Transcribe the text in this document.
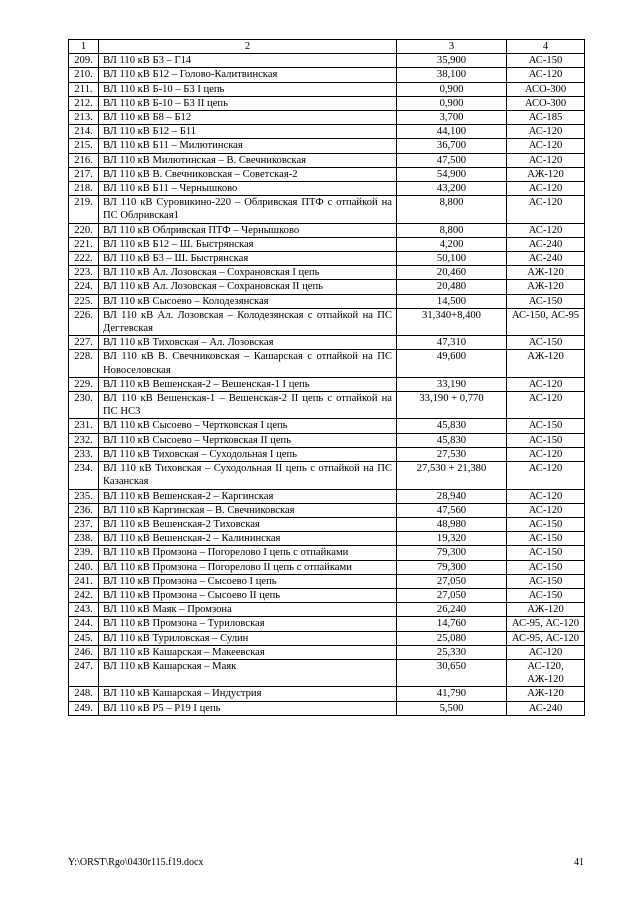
1	2	3	4
209.	ВЛ 110 кВ Б3 – Г14	35,900	АС-150
210.	ВЛ 110 кВ Б12 – Голово-Калитвинская	38,100	АС-120
211.	ВЛ 110 кВ Б-10 – Б3 I цепь	0,900	АСО-300
212.	ВЛ 110 кВ Б-10 – Б3 II цепь	0,900	АСО-300
213.	ВЛ 110 кВ Б8 – Б12	3,700	АС-185
214.	ВЛ 110 кВ Б12 – Б11	44,100	АС-120
215.	ВЛ 110 кВ Б11 – Милютинская	36,700	АС-120
216.	ВЛ 110 кВ Милютинская – В. Свечниковская	47,500	АС-120
217.	ВЛ 110 кВ В. Свечниковская – Советская-2	54,900	АЖ-120
218.	ВЛ 110 кВ Б11 – Чернышково	43,200	АС-120
219.	ВЛ 110 кВ Суровикино-220 – Облривская ПТФ с отпайкой на ПС Облривская1	8,800	АС-120
220.	ВЛ 110 кВ Облривская ПТФ – Чернышково	8,800	АС-120
221.	ВЛ 110 кВ Б12 – Ш. Быстрянская	4,200	АС-240
222.	ВЛ 110 кВ Б3 – Ш. Быстрянская	50,100	АС-240
223.	ВЛ 110 кВ Ал. Лозовская – Сохрановская I цепь	20,460	АЖ-120
224.	ВЛ 110 кВ Ал. Лозовская – Сохрановская II цепь	20,480	АЖ-120
225.	ВЛ 110 кВ Сысоево – Колодезянская	14,500	АС-150
226.	ВЛ 110 кВ Ал. Лозовская – Колодезянская с отпайкой на ПС Дегтевская	31,340+8,400	АС-150, АС-95
227.	ВЛ 110 кВ Тиховская – Ал. Лозовская	47,310	АС-150
228.	ВЛ 110 кВ В. Свечниковская – Кашарская с отпайкой на ПС Новоселовская	49,600	АЖ-120
229.	ВЛ 110 кВ Вешенская-2 – Вешенская-1 I цепь	33,190	АС-120
230.	ВЛ 110 кВ Вешенская-1 – Вешенская-2 II цепь с отпайкой на ПС НС3	33,190 + 0,770	АС-120
231.	ВЛ 110 кВ Сысоево – Чертковская I цепь	45,830	АС-150
232.	ВЛ 110 кВ Сысоево – Чертковская II цепь	45,830	АС-150
233.	ВЛ 110 кВ Тиховская – Суходольная I цепь	27,530	АС-120
234.	ВЛ 110 кВ Тиховская – Суходольная II цепь с отпайкой на ПС Казанская	27,530 + 21,380	АС-120
235.	ВЛ 110 кВ Вешенская-2 – Каргинская	28,940	АС-120
236.	ВЛ 110 кВ Каргинская – В. Свечниковская	47,560	АС-120
237.	ВЛ 110 кВ Вешенская-2 Тиховская	48,980	АС-150
238.	ВЛ 110 кВ Вешенская-2 – Калининская	19,320	АС-150
239.	ВЛ 110 кВ Промзона – Погорелово I цепь с отпайками	79,300	АС-150
240.	ВЛ 110 кВ Промзона – Погорелово II цепь с отпайками	79,300	АС-150
241.	ВЛ 110 кВ Промзона – Сысоево I цепь	27,050	АС-150
242.	ВЛ 110 кВ Промзона – Сысоево II цепь	27,050	АС-150
243.	ВЛ 110 кВ Маяк – Промзона	26,240	АЖ-120
244.	ВЛ 110 кВ Промзона – Туриловская	14,760	АС-95, АС-120
245.	ВЛ 110 кВ Туриловская – Сулин	25,080	АС-95, АС-120
246.	ВЛ 110 кВ Кашарская – Макеевская	25,330	АС-120
247.	ВЛ 110 кВ Кашарская – Маяк	30,650	АС-120, АЖ-120
248.	ВЛ 110 кВ Кашарская – Индустрия	41,790	АЖ-120
249.	ВЛ 110 кВ Р5 – Р19 I цепь	5,500	АС-240
Y:\ORST\Rgo\0430r115.f19.docx	41
